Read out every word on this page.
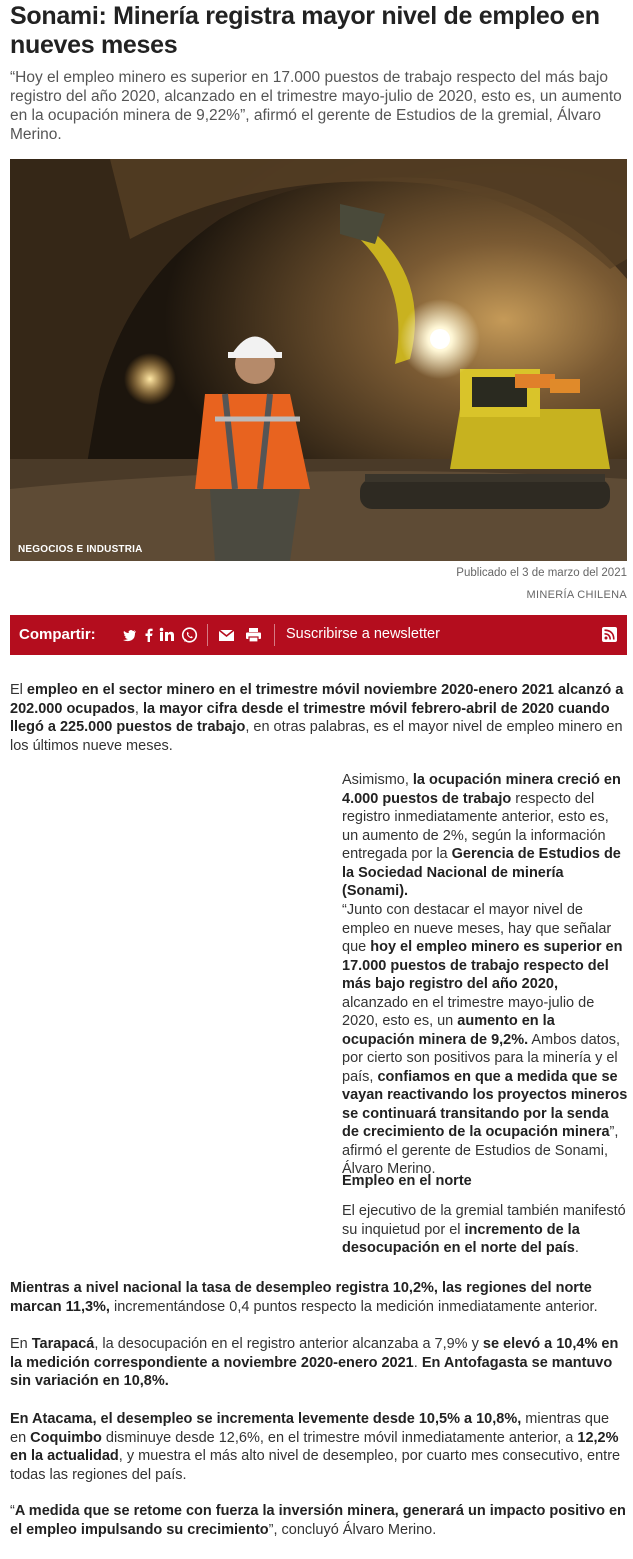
Sonami: Minería registra mayor nivel de empleo en nueves meses

“Hoy el empleo minero es superior en 17.000 puestos de trabajo respecto del más bajo registro del año 2020, alcanzado en el trimestre mayo-julio de 2020, esto es, un aumento en la ocupación minera de 9,22%”, afirmó el gerente de Estudios de la gremial, Álvaro Merino.

NEGOCIOS E INDUSTRIA
Publicado el 3 de marzo del 2021
MINERÍA CHILENA
Compartir:	Suscribirse a newsletter

El empleo en el sector minero en el trimestre móvil noviembre 2020-enero 2021 alcanzó a 202.000 ocupados, la mayor cifra desde el trimestre móvil febrero-abril de 2020 cuando llegó a 225.000 puestos de trabajo, en otras palabras, es el mayor nivel de empleo minero en los últimos nueve meses.

Asimismo, la ocupación minera creció en 4.000 puestos de trabajo respecto del registro inmediatamente anterior, esto es, un aumento de 2%, según la información entregada por la Gerencia de Estudios de la Sociedad Nacional de minería (Sonami).

“Junto con destacar el mayor nivel de empleo en nueve meses, hay que señalar que hoy el empleo minero es superior en 17.000 puestos de trabajo respecto del más bajo registro del año 2020, alcanzado en el trimestre mayo-julio de 2020, esto es, un aumento en la ocupación minera de 9,2%. Ambos datos, por cierto son positivos para la minería y el país, confiamos en que a medida que se vayan reactivando los proyectos mineros se continuará transitando por la senda de crecimiento de la ocupación minera”, afirmó el gerente de Estudios de Sonami, Álvaro Merino.

Empleo en el norte

El ejecutivo de la gremial también manifestó su inquietud por el incremento de la desocupación en el norte del país.

Mientras a nivel nacional la tasa de desempleo registra 10,2%, las regiones del norte marcan 11,3%, incrementándose 0,4 puntos respecto la medición inmediatamente anterior.

En Tarapacá, la desocupación en el registro anterior alcanzaba a 7,9% y se elevó a 10,4% en la medición correspondiente a noviembre 2020-enero 2021. En Antofagasta se mantuvo sin variación en 10,8%.

En Atacama, el desempleo se incrementa levemente desde 10,5% a 10,8%, mientras que en Coquimbo disminuye desde 12,6%, en el trimestre móvil inmediatamente anterior, a 12,2% en la actualidad, y muestra el más alto nivel de desempleo, por cuarto mes consecutivo, entre todas las regiones del país.

“A medida que se retome con fuerza la inversión minera, generará un impacto positivo en el empleo impulsando su crecimiento”, concluyó Álvaro Merino.
